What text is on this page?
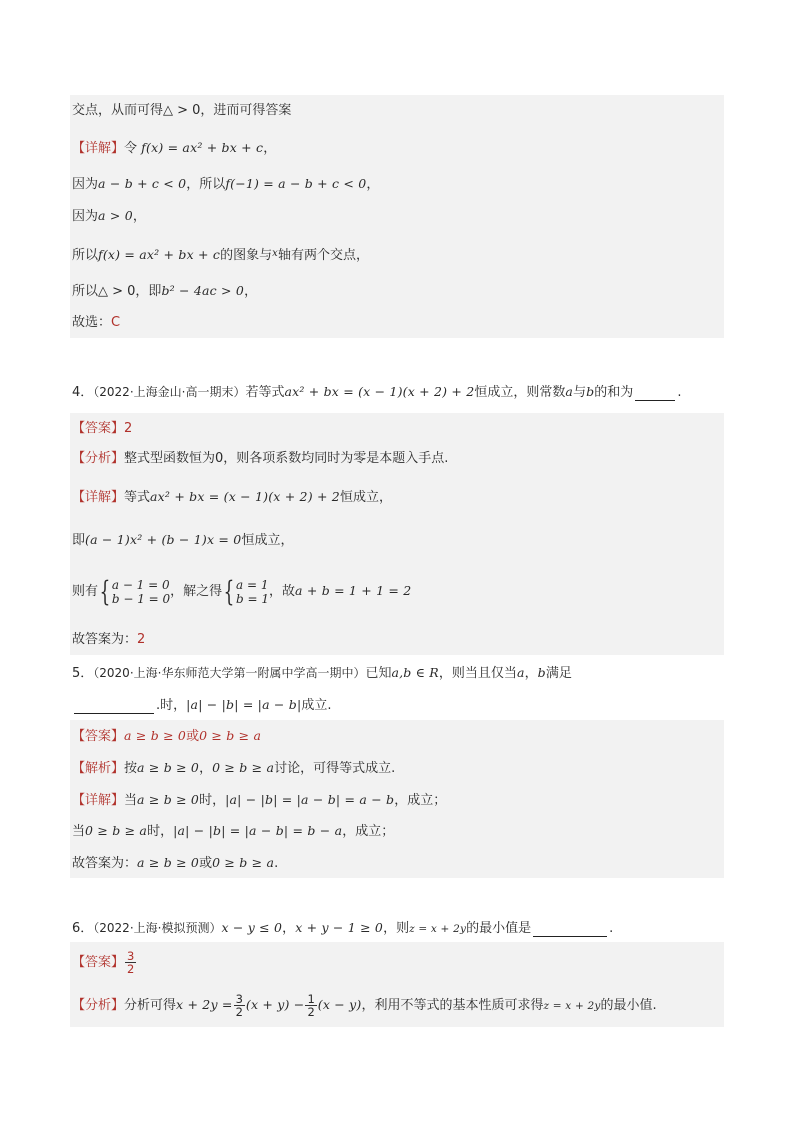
交点，从而可得△ > 0，进而可得答案
【详解】令 f(x) = ax² + bx + c，
因为a − b + c < 0，所以f(−1) = a − b + c < 0，
因为a > 0，
所以f(x) = ax² + bx + c的图象与$^x$轴有两个交点，
所以△ > 0，即b² − 4ac > 0，
故选：C
4．（2022·上海金山·高一期末）若等式ax² + bx = (x − 1)(x + 2) + 2恒成立，则常数a与b的和为	.
【答案】2
【分析】整式型函数恒为0，则各项系数均同时为零是本题入手点.
【详解】等式ax² + bx = (x − 1)(x + 2) + 2恒成立，
即(a − 1)x² + (b − 1)x = 0恒成立，
则有{ a − 1 = 0
b − 1 = 0 ，解之得{ a = 1
b = 1 ，故a + b = 1 + 1 = 2
故答案为：2
5．（2020·上海·华东师范大学第一附属中学高一期中）已知a,b ∈ R，则当且仅当a，b满足
.时，|a| − |b| = |a − b|成立.
【答案】a ≥ b ≥ 0或0 ≥ b ≥ a
【解析】按a ≥ b ≥ 0，0 ≥ b ≥ a讨论，可得等式成立.
【详解】当a ≥ b ≥ 0时，|a| − |b| = |a − b| = a − b，成立；
当0 ≥ b ≥ a时，|a| − |b| = |a − b| = b − a，成立；
故答案为：a ≥ b ≥ 0或0 ≥ b ≥ a.
6．（2022·上海·模拟预测）x − y ≤ 0，x + y − 1 ≥ 0，则z = x + 2y的最小值是	.
【答案】 $\frac{3}{2}$
【分析】分析可得$x + 2y = \frac{3}{2} (x + y) - \frac{1}{2} (x - y)$，利用不等式的基本性质可求得z = x + 2y的最小值.
